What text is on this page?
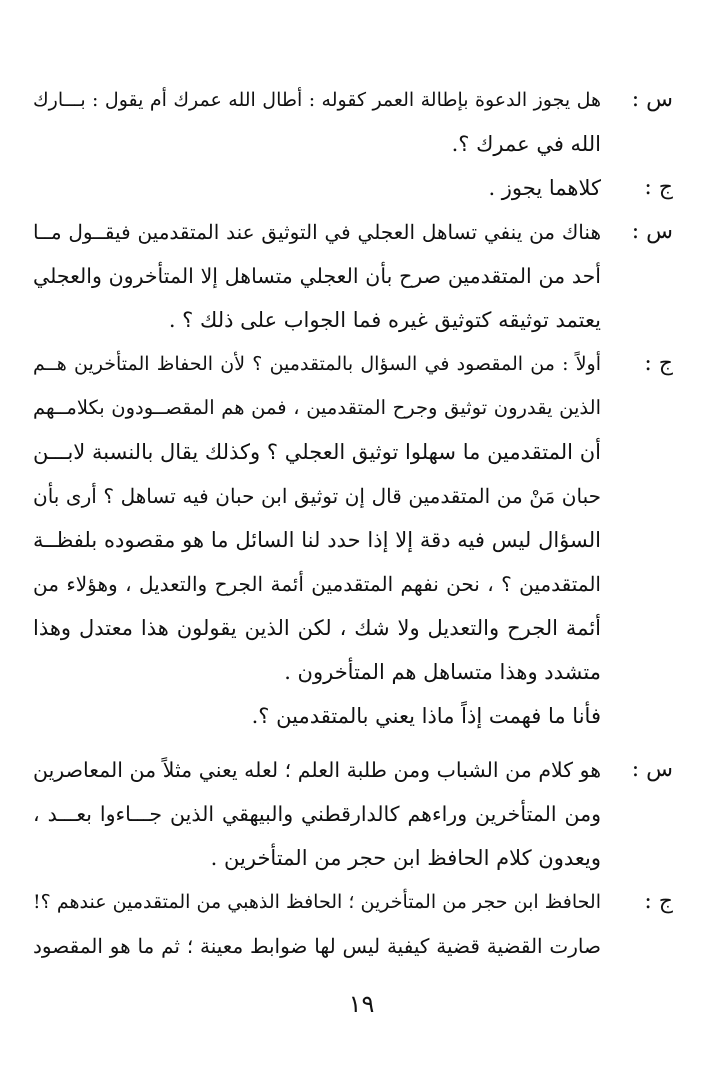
س :
هل يجوز الدعوة بإطالة العمر كقوله : أطال الله عمرك أم يقول : بـــارك
الله في عمرك ؟.
ج :
كلاهما يجوز .
س :
هناك من ينفي تساهل العجلي في التوثيق عند المتقدمين فيقــول مــا
أحد من المتقدمين صرح بأن العجلي متساهل إلا المتأخرون والعجلي
يعتمد توثيقه كتوثيق غيره فما الجواب على ذلك ؟ .
ج :
أولاً : من المقصود في السؤال بالمتقدمين ؟ لأن الحفاظ المتأخرين هــم
الذين يقدرون توثيق وجرح المتقدمين ، فمن هم المقصــودون بكلامــهم
أن المتقدمين ما سهلوا توثيق العجلي ؟ وكذلك يقال بالنسبة لابـــن
حبان مَنْ من المتقدمين قال إن توثيق ابن حبان فيه تساهل ؟ أرى بأن
السؤال ليس فيه دقة إلا إذا حدد لنا السائل ما هو مقصوده بلفظــة
المتقدمين ؟ ، نحن نفهم المتقدمين أئمة الجرح والتعديل ، وهؤلاء من
أئمة الجرح والتعديل ولا شك ، لكن الذين يقولون هذا معتدل وهذا
متشدد وهذا متساهل هم المتأخرون .
فأنا ما فهمت إذاً ماذا يعني بالمتقدمين ؟.
س :
هو كلام من الشباب ومن طلبة العلم ؛ لعله يعني مثلاً من المعاصرين
ومن المتأخرين وراءهم كالدارقطني والبيهقي الذين جـــاءوا بعـــد ،
ويعدون كلام الحافظ ابن حجر من المتأخرين .
ج :
الحافظ ابن حجر من المتأخرين ؛ الحافظ الذهبي من المتقدمين عندهم ؟!
صارت القضية قضية كيفية ليس لها ضوابط معينة ؛ ثم ما هو المقصود
١٩
